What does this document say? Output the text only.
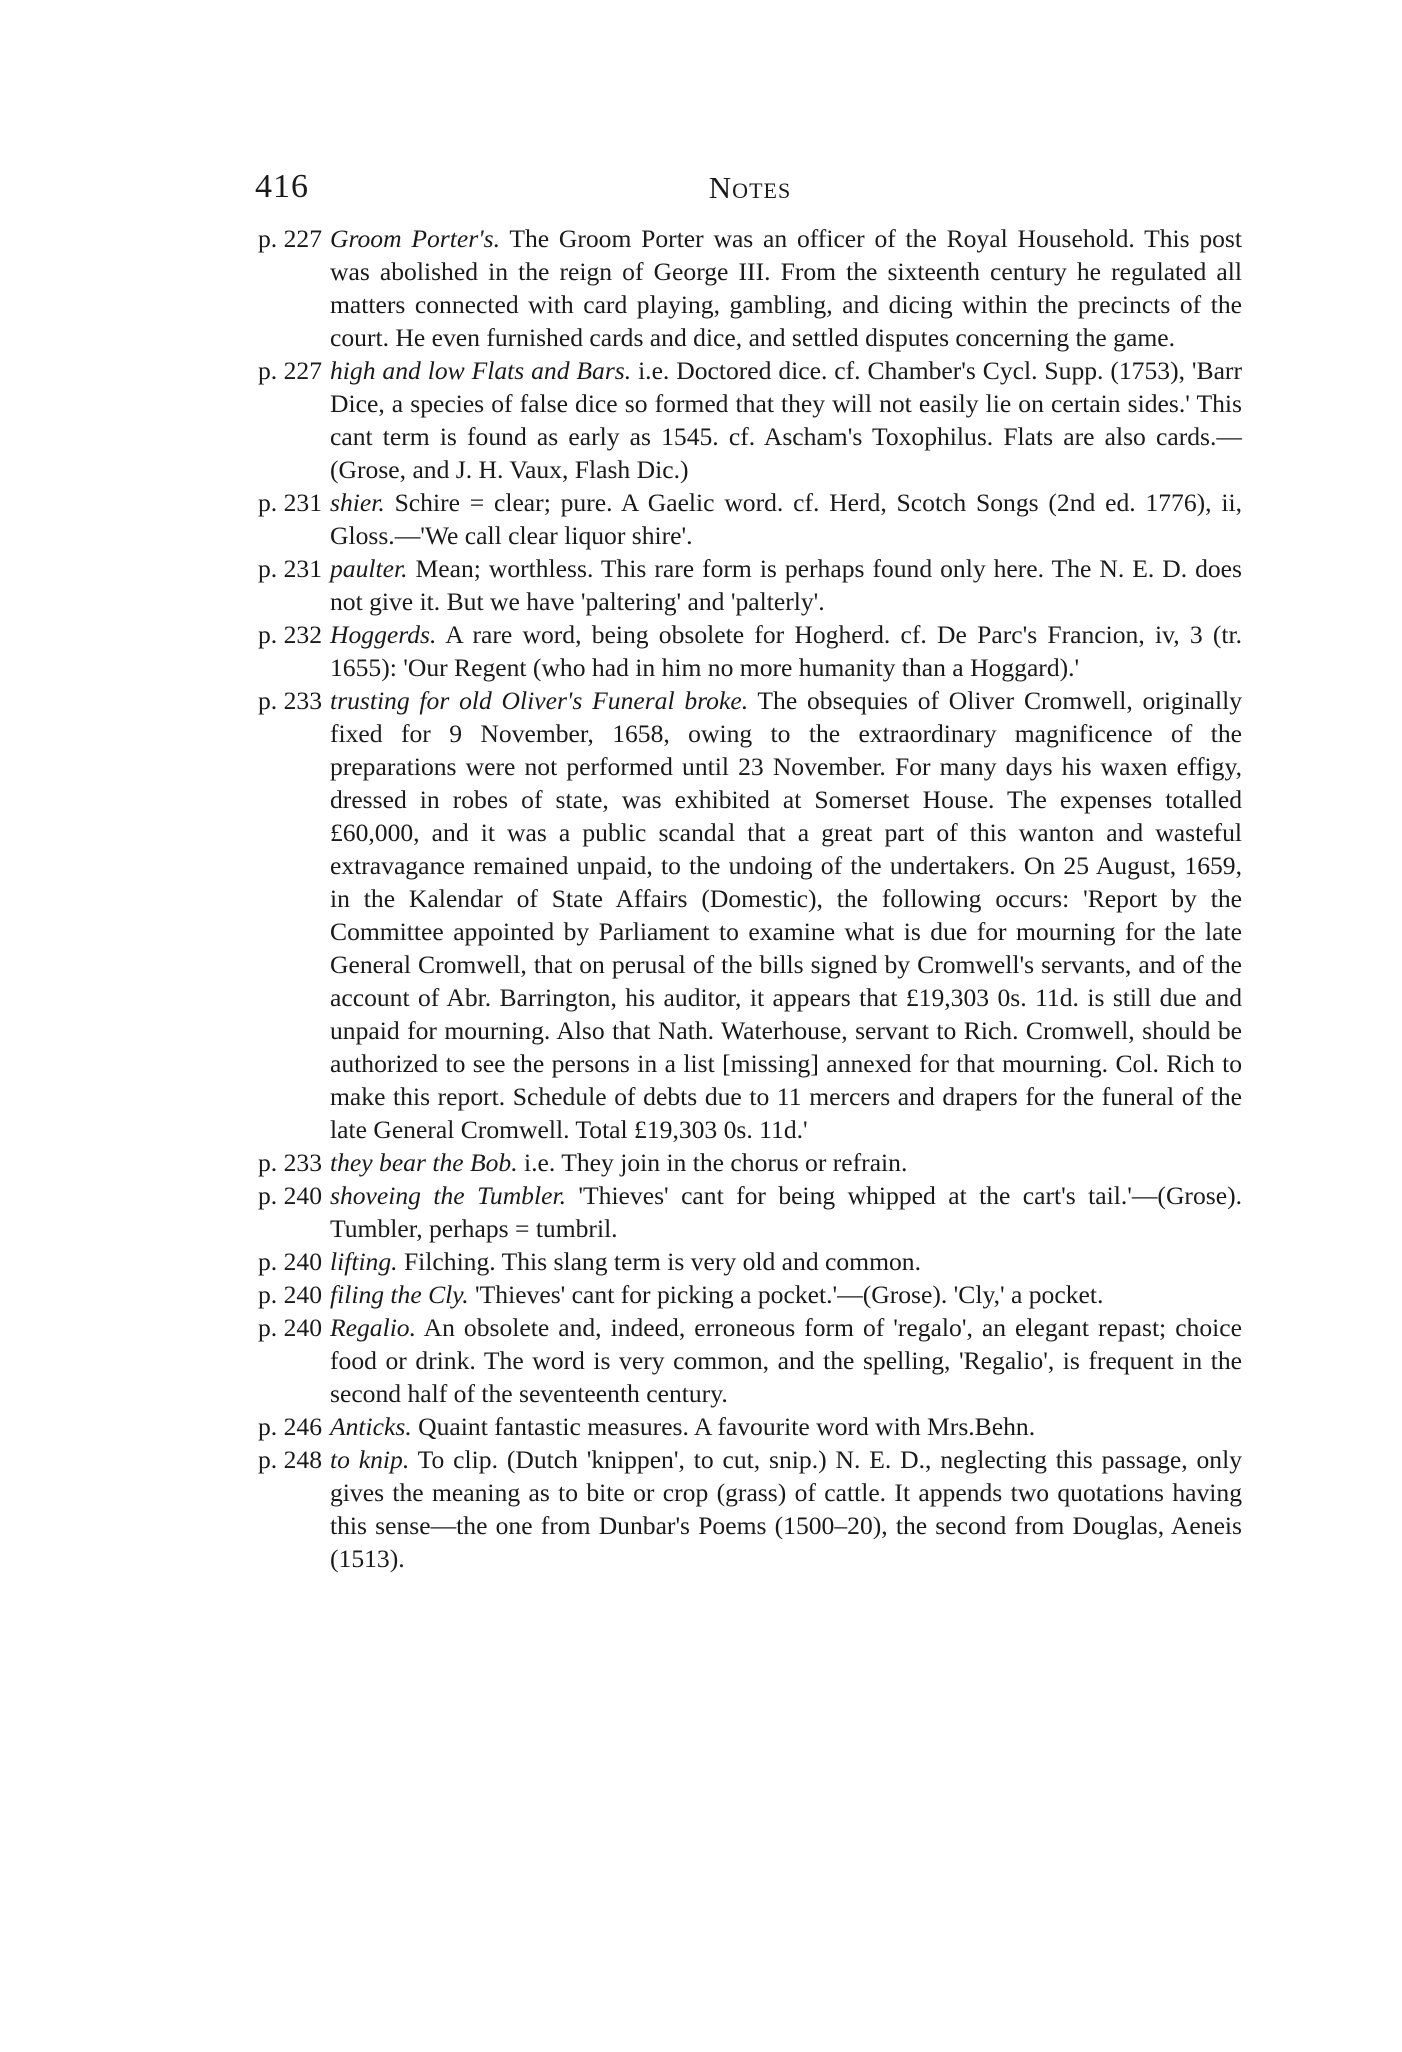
416	Notes

p. 227 Groom Porter's. The Groom Porter was an officer of the Royal Household. This post was abolished in the reign of George III. From the sixteenth century he regulated all matters connected with card playing, gambling, and dicing within the precincts of the court. He even furnished cards and dice, and settled disputes concerning the game.

p. 227 high and low Flats and Bars. i.e. Doctored dice. cf. Chamber's Cycl. Supp. (1753), 'Barr Dice, a species of false dice so formed that they will not easily lie on certain sides.' This cant term is found as early as 1545. cf. Ascham's Toxophilus. Flats are also cards.—(Grose, and J. H. Vaux, Flash Dic.)

p. 231 shier. Schire = clear; pure. A Gaelic word. cf. Herd, Scotch Songs (2nd ed. 1776), ii, Gloss.—'We call clear liquor shire'.

p. 231 paulter. Mean; worthless. This rare form is perhaps found only here. The N. E. D. does not give it. But we have 'paltering' and 'palterly'.

p. 232 Hoggerds. A rare word, being obsolete for Hogherd. cf. De Parc's Francion, iv, 3 (tr. 1655): 'Our Regent (who had in him no more humanity than a Hoggard).'

p. 233 trusting for old Oliver's Funeral broke. The obsequies of Oliver Cromwell, originally fixed for 9 November, 1658, owing to the extraordinary magnificence of the preparations were not performed until 23 November. For many days his waxen effigy, dressed in robes of state, was exhibited at Somerset House. The expenses totalled £60,000, and it was a public scandal that a great part of this wanton and wasteful extravagance remained unpaid, to the undoing of the undertakers. On 25 August, 1659, in the Kalendar of State Affairs (Domestic), the following occurs: 'Report by the Committee appointed by Parliament to examine what is due for mourning for the late General Cromwell, that on perusal of the bills signed by Cromwell's servants, and of the account of Abr. Barrington, his auditor, it appears that £19,303 0s. 11d. is still due and unpaid for mourning. Also that Nath. Waterhouse, servant to Rich. Cromwell, should be authorized to see the persons in a list [missing] annexed for that mourning. Col. Rich to make this report. Schedule of debts due to 11 mercers and drapers for the funeral of the late General Cromwell. Total £19,303 0s. 11d.'

p. 233 they bear the Bob. i.e. They join in the chorus or refrain.

p. 240 shoveing the Tumbler. 'Thieves' cant for being whipped at the cart's tail.'—(Grose). Tumbler, perhaps = tumbril.

p. 240 lifting. Filching. This slang term is very old and common.

p. 240 filing the Cly. 'Thieves' cant for picking a pocket.'—(Grose). 'Cly,' a pocket.

p. 240 Regalio. An obsolete and, indeed, erroneous form of 'regalo', an elegant repast; choice food or drink. The word is very common, and the spelling, 'Regalio', is frequent in the second half of the seventeenth century.

p. 246 Anticks. Quaint fantastic measures. A favourite word with Mrs.Behn.

p. 248 to knip. To clip. (Dutch 'knippen', to cut, snip.) N. E. D., neglecting this passage, only gives the meaning as to bite or crop (grass) of cattle. It appends two quotations having this sense—the one from Dunbar's Poems (1500–20), the second from Douglas, Aeneis (1513).
